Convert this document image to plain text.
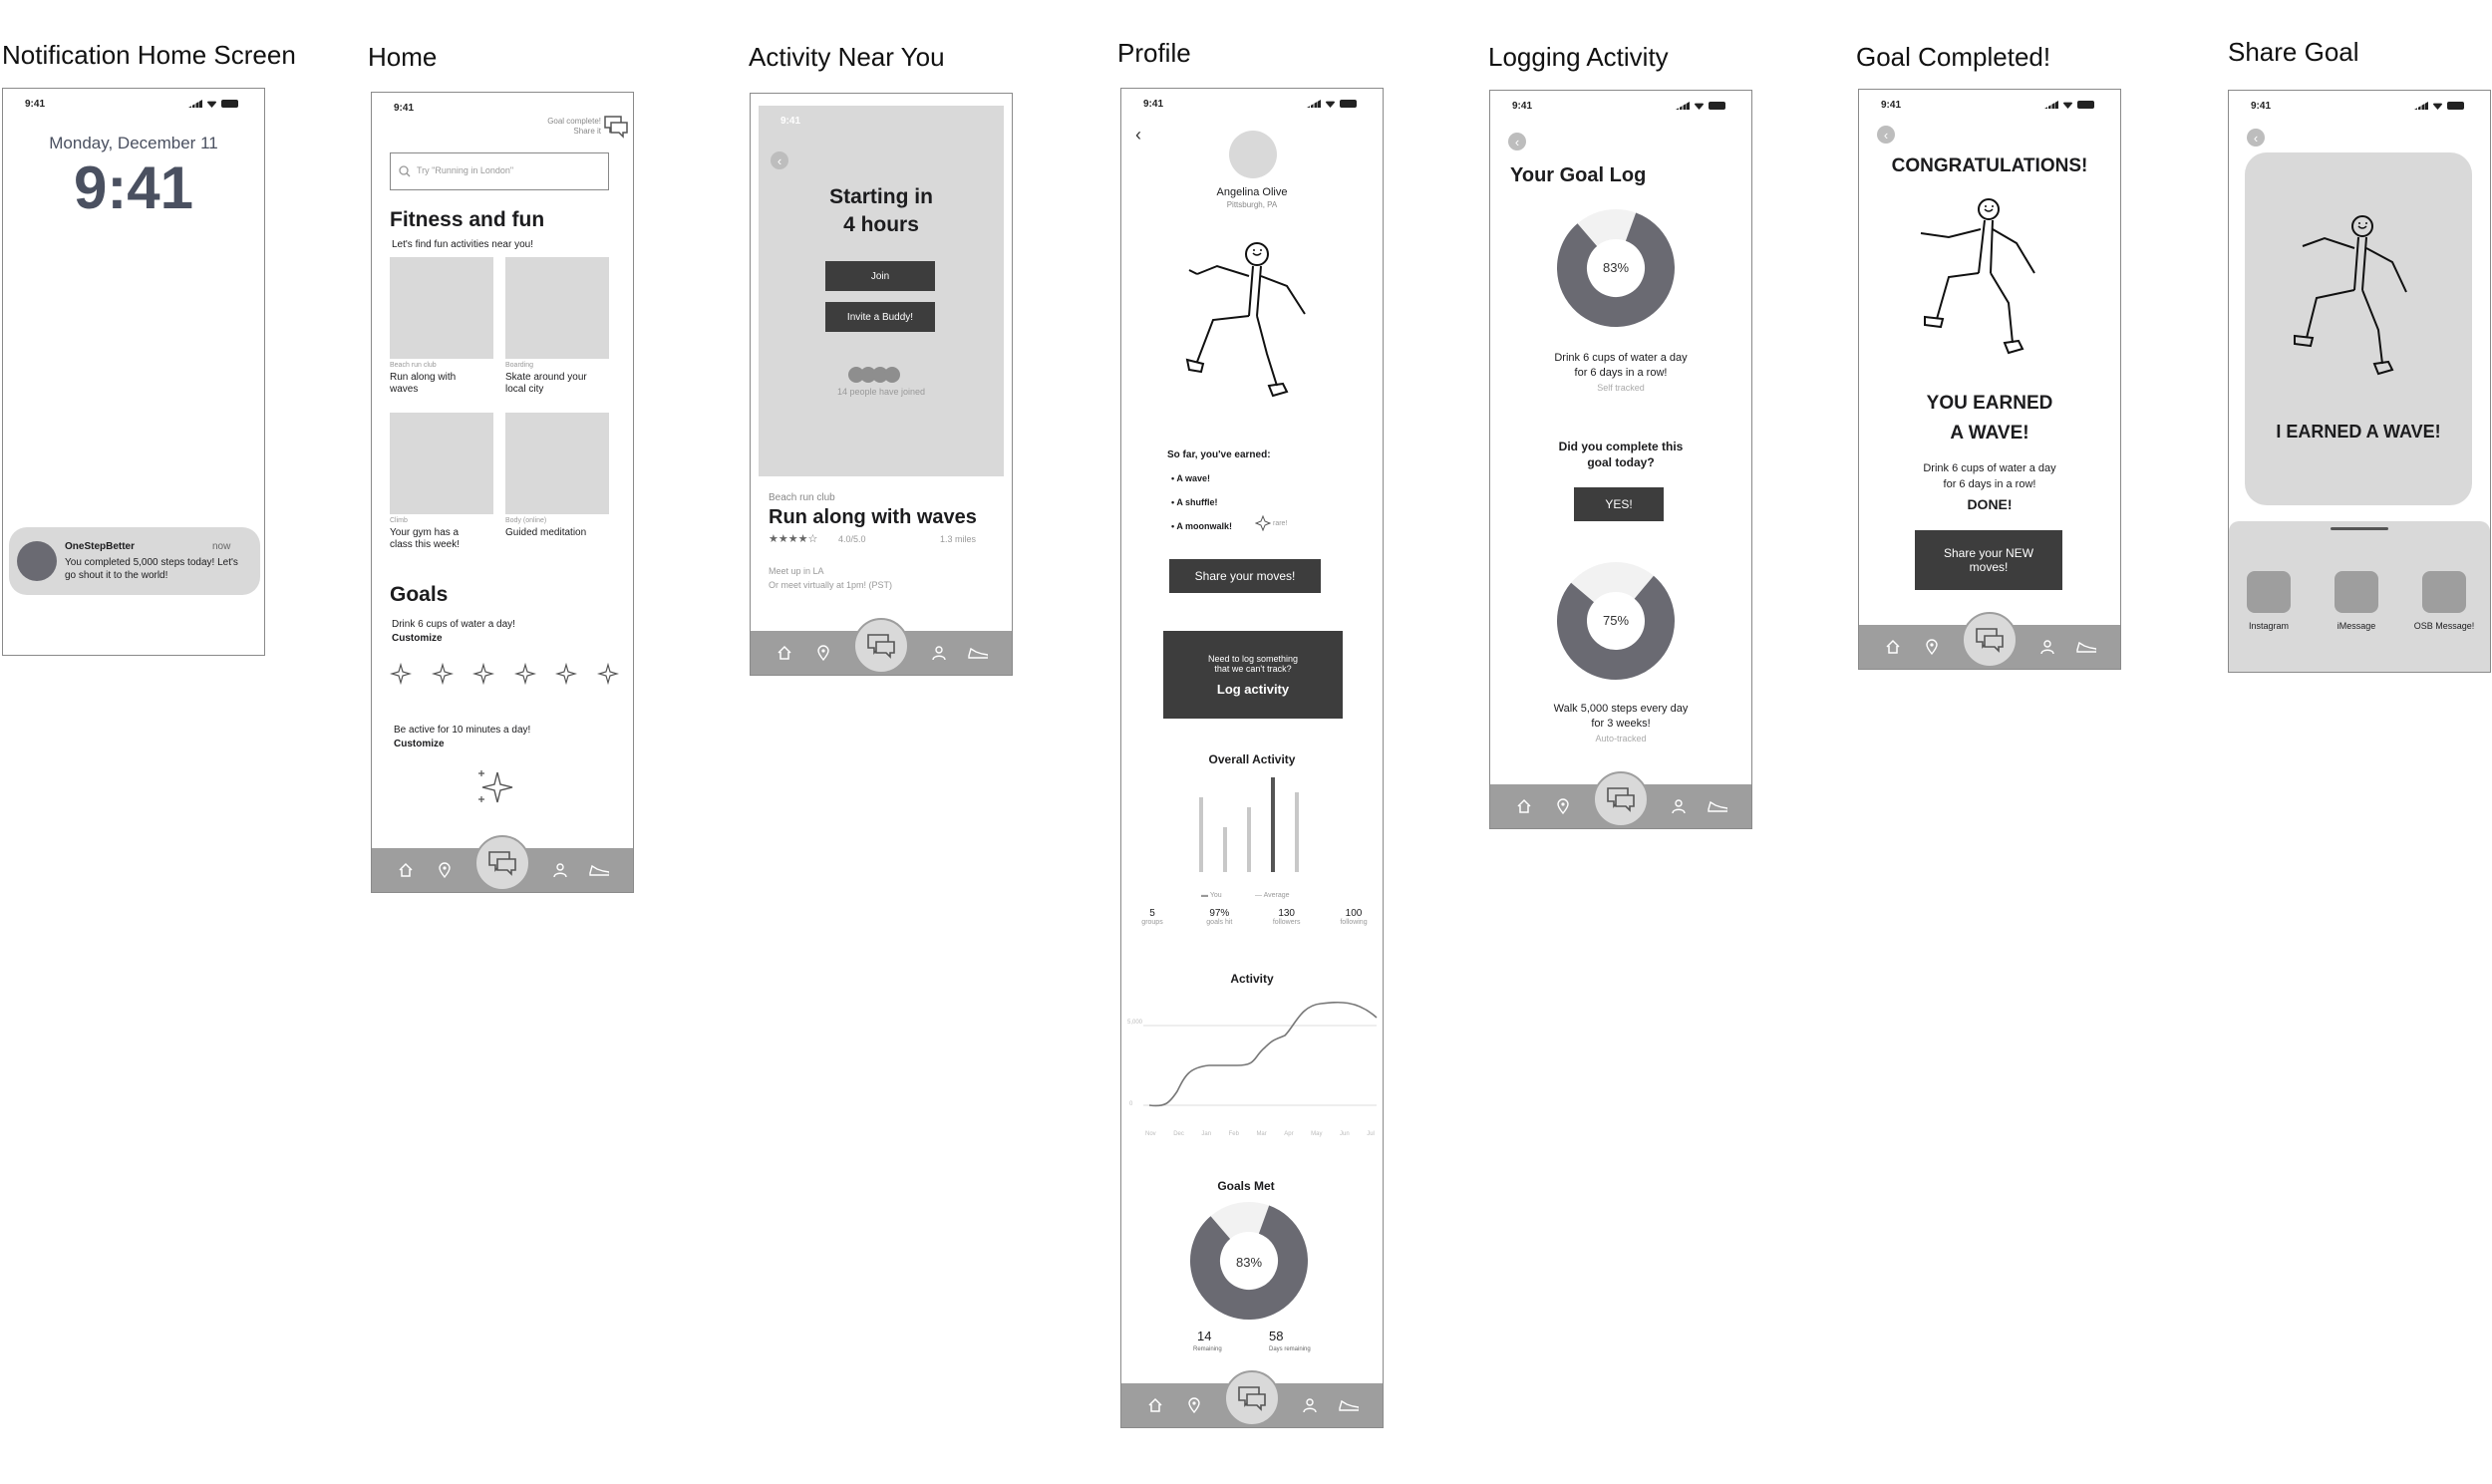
Notification Home Screen	Home	Activity Near You	Profile	Logging Activity	Goal Completed!	Share Goal
9:41
Monday, December 11
9:41
OneStepBetter	now
You completed 5,000 steps today! Let's
go shout it to the world!
9:41
Goal complete!
Share it
Try "Running in London"
Fitness and fun
Let's find fun activities near you!
Beach run club
Run along with
waves
Boarding
Skate around your
local city
Climb
Your gym has a
class this week!
Body (online)
Guided meditation
Goals
Drink 6 cups of water a day!
Customize
Be active for 10 minutes a day!
Customize
9:41
‹
Starting in
4 hours
Join
Invite a Buddy!
14 people have joined
Beach run club
Run along with waves
★★★★☆ 4.0/5.0	1.3 miles
Meet up in LA
Or meet virtually at 1pm! (PST)
9:41
‹
Angelina Olive
Pittsburgh, PA
So far, you've earned:
• A wave!
• A shuffle!
• A moonwalk!	rare!
Share your moves!
Need to log something
that we can't track?
Log activity
Overall Activity
▬ You	— Average
5
groups
97%
goals hit
130
followers
100
following
Activity
5,000
0
Nov	Dec	Jan	Feb	Mar	Apr	May	Jun	Jul
Goals Met
83%
14
Remaining
58
Days remaining
9:41
‹
Your Goal Log
83%
Drink 6 cups of water a day
for 6 days in a row!
Self tracked
Did you complete this
goal today?
YES!
75%
Walk 5,000 steps every day
for 3 weeks!
Auto-tracked
9:41
‹
CONGRATULATIONS!
YOU EARNED
A WAVE!
Drink 6 cups of water a day
for 6 days in a row!
DONE!
Share your NEW
moves!
9:41
‹
I EARNED A WAVE!
Instagram	iMessage	OSB Message!
